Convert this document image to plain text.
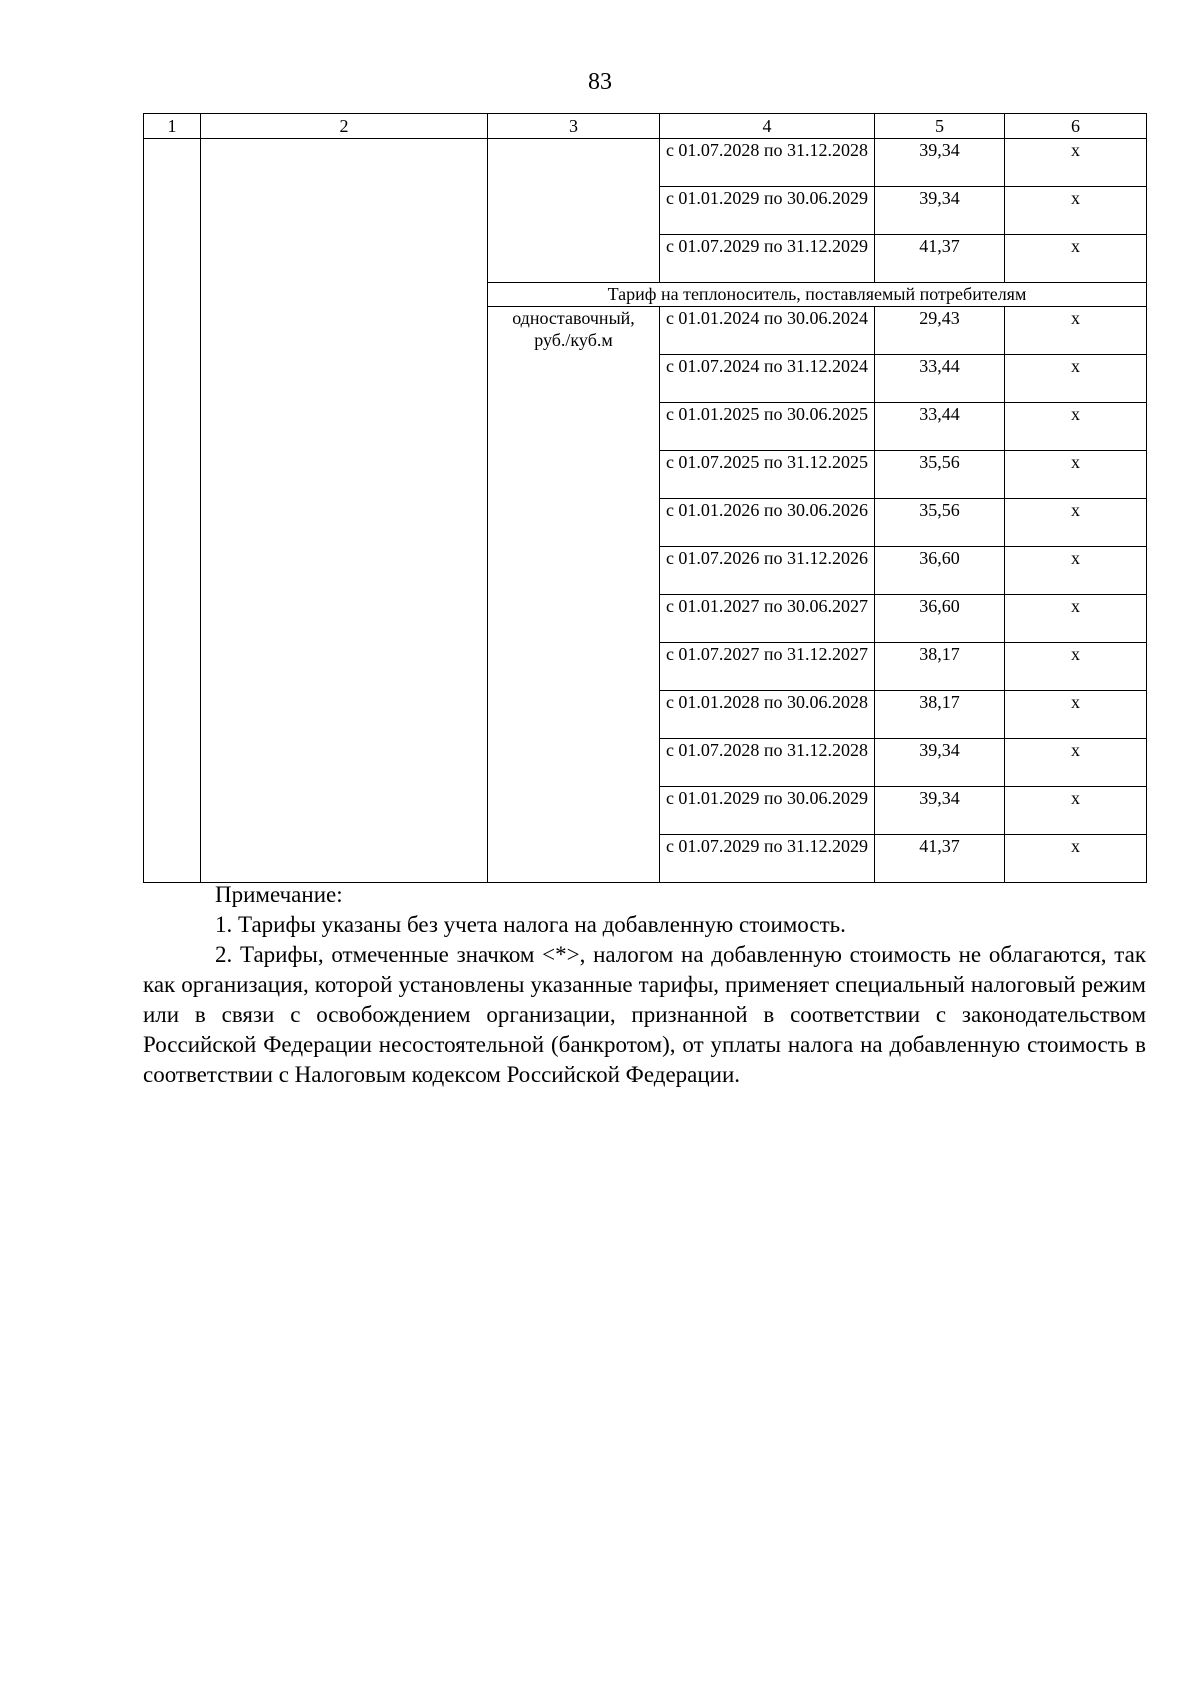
83
1	2	3	4	5	6
			с 01.07.2028 по 31.12.2028	39,34	x
			с 01.01.2029 по 30.06.2029	39,34	x
			с 01.07.2029 по 31.12.2029	41,37	x
		Тариф на теплоноситель, поставляемый потребителям			
		одноставочный, руб./куб.м	с 01.01.2024 по 30.06.2024	29,43	x
			с 01.07.2024 по 31.12.2024	33,44	x
			с 01.01.2025 по 30.06.2025	33,44	x
			с 01.07.2025 по 31.12.2025	35,56	x
			с 01.01.2026 по 30.06.2026	35,56	x
			с 01.07.2026 по 31.12.2026	36,60	x
			с 01.01.2027 по 30.06.2027	36,60	x
			с 01.07.2027 по 31.12.2027	38,17	x
			с 01.01.2028 по 30.06.2028	38,17	x
			с 01.07.2028 по 31.12.2028	39,34	x
			с 01.01.2029 по 30.06.2029	39,34	x
			с 01.07.2029 по 31.12.2029	41,37	x

Примечание:

1. Тарифы указаны без учета налога на добавленную стоимость.

2. Тарифы, отмеченные значком <*>, налогом на добавленную стоимость не облагаются, так как организация, которой установлены указанные тарифы, применяет специальный налоговый режим или в связи с освобождением организации, признанной в соответствии с законодательством Российской Федерации несостоятельной (банкротом), от уплаты налога на добавленную стоимость в соответствии с Налоговым кодексом Российской Федерации.
